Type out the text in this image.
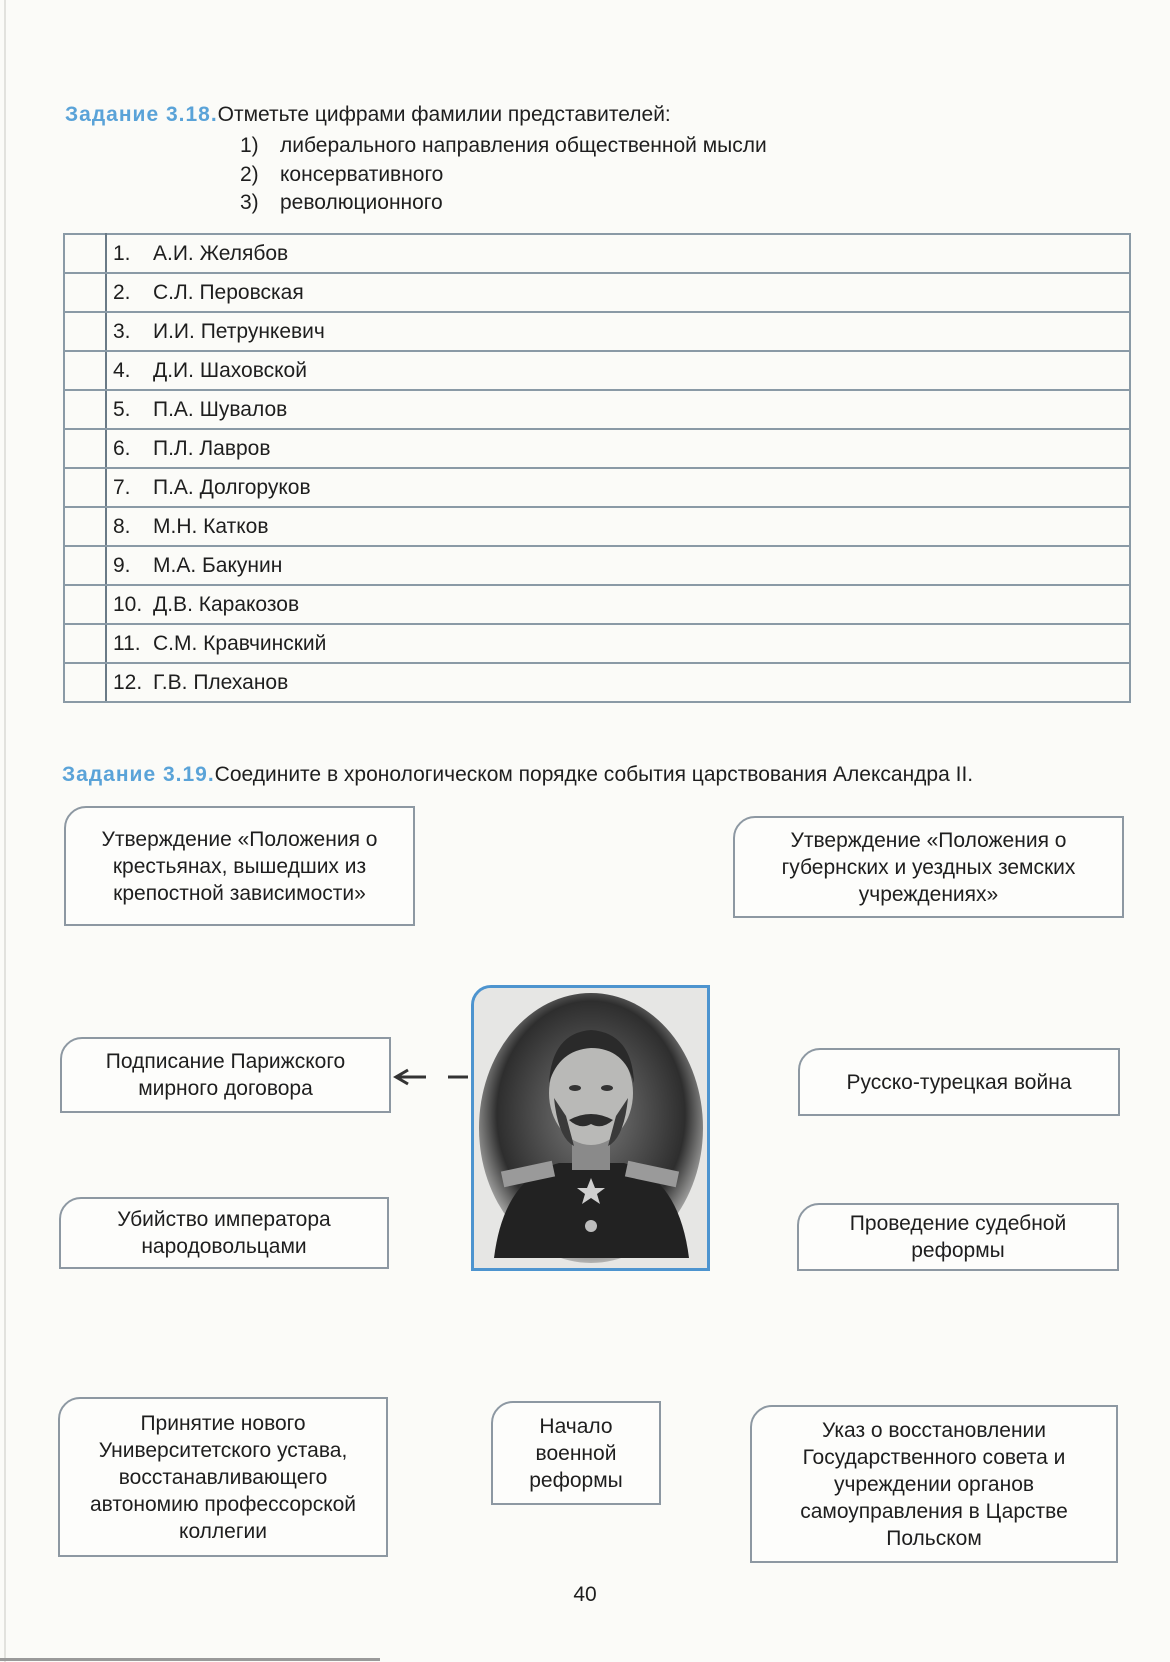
Задание 3.18.Отметьте цифрами фамилии представителей:
1) либерального направления общественной мысли
2) консервативного
3) революционного
	1. А.И. Желябов
	2. С.Л. Перовская
	3. И.И. Петрункевич
	4. Д.И. Шаховской
	5. П.А. Шувалов
	6. П.Л. Лавров
	7. П.А. Долгоруков
	8. М.Н. Катков
	9. М.А. Бакунин
	10. Д.В. Каракозов
	11. С.М. Кравчинский
	12. Г.В. Плеханов
Задание 3.19.Соедините в хронологическом порядке события царствования Александра II.
Утверждение «Положения о крестьянах, вышедших из крепостной зависимости»
Утверждение «Положения о губернских и уездных земских учреждениях»
Подписание Парижского мирного договора	Русско-турецкая война
Убийство императора народовольцами
Проведение судебной реформы
Принятие нового Университетского устава, восстанавливающего автономию профессорской коллегии
Начало военной реформы
Указ о восстановлении Государственного совета и учреждении органов самоуправления в Царстве Польском
40
